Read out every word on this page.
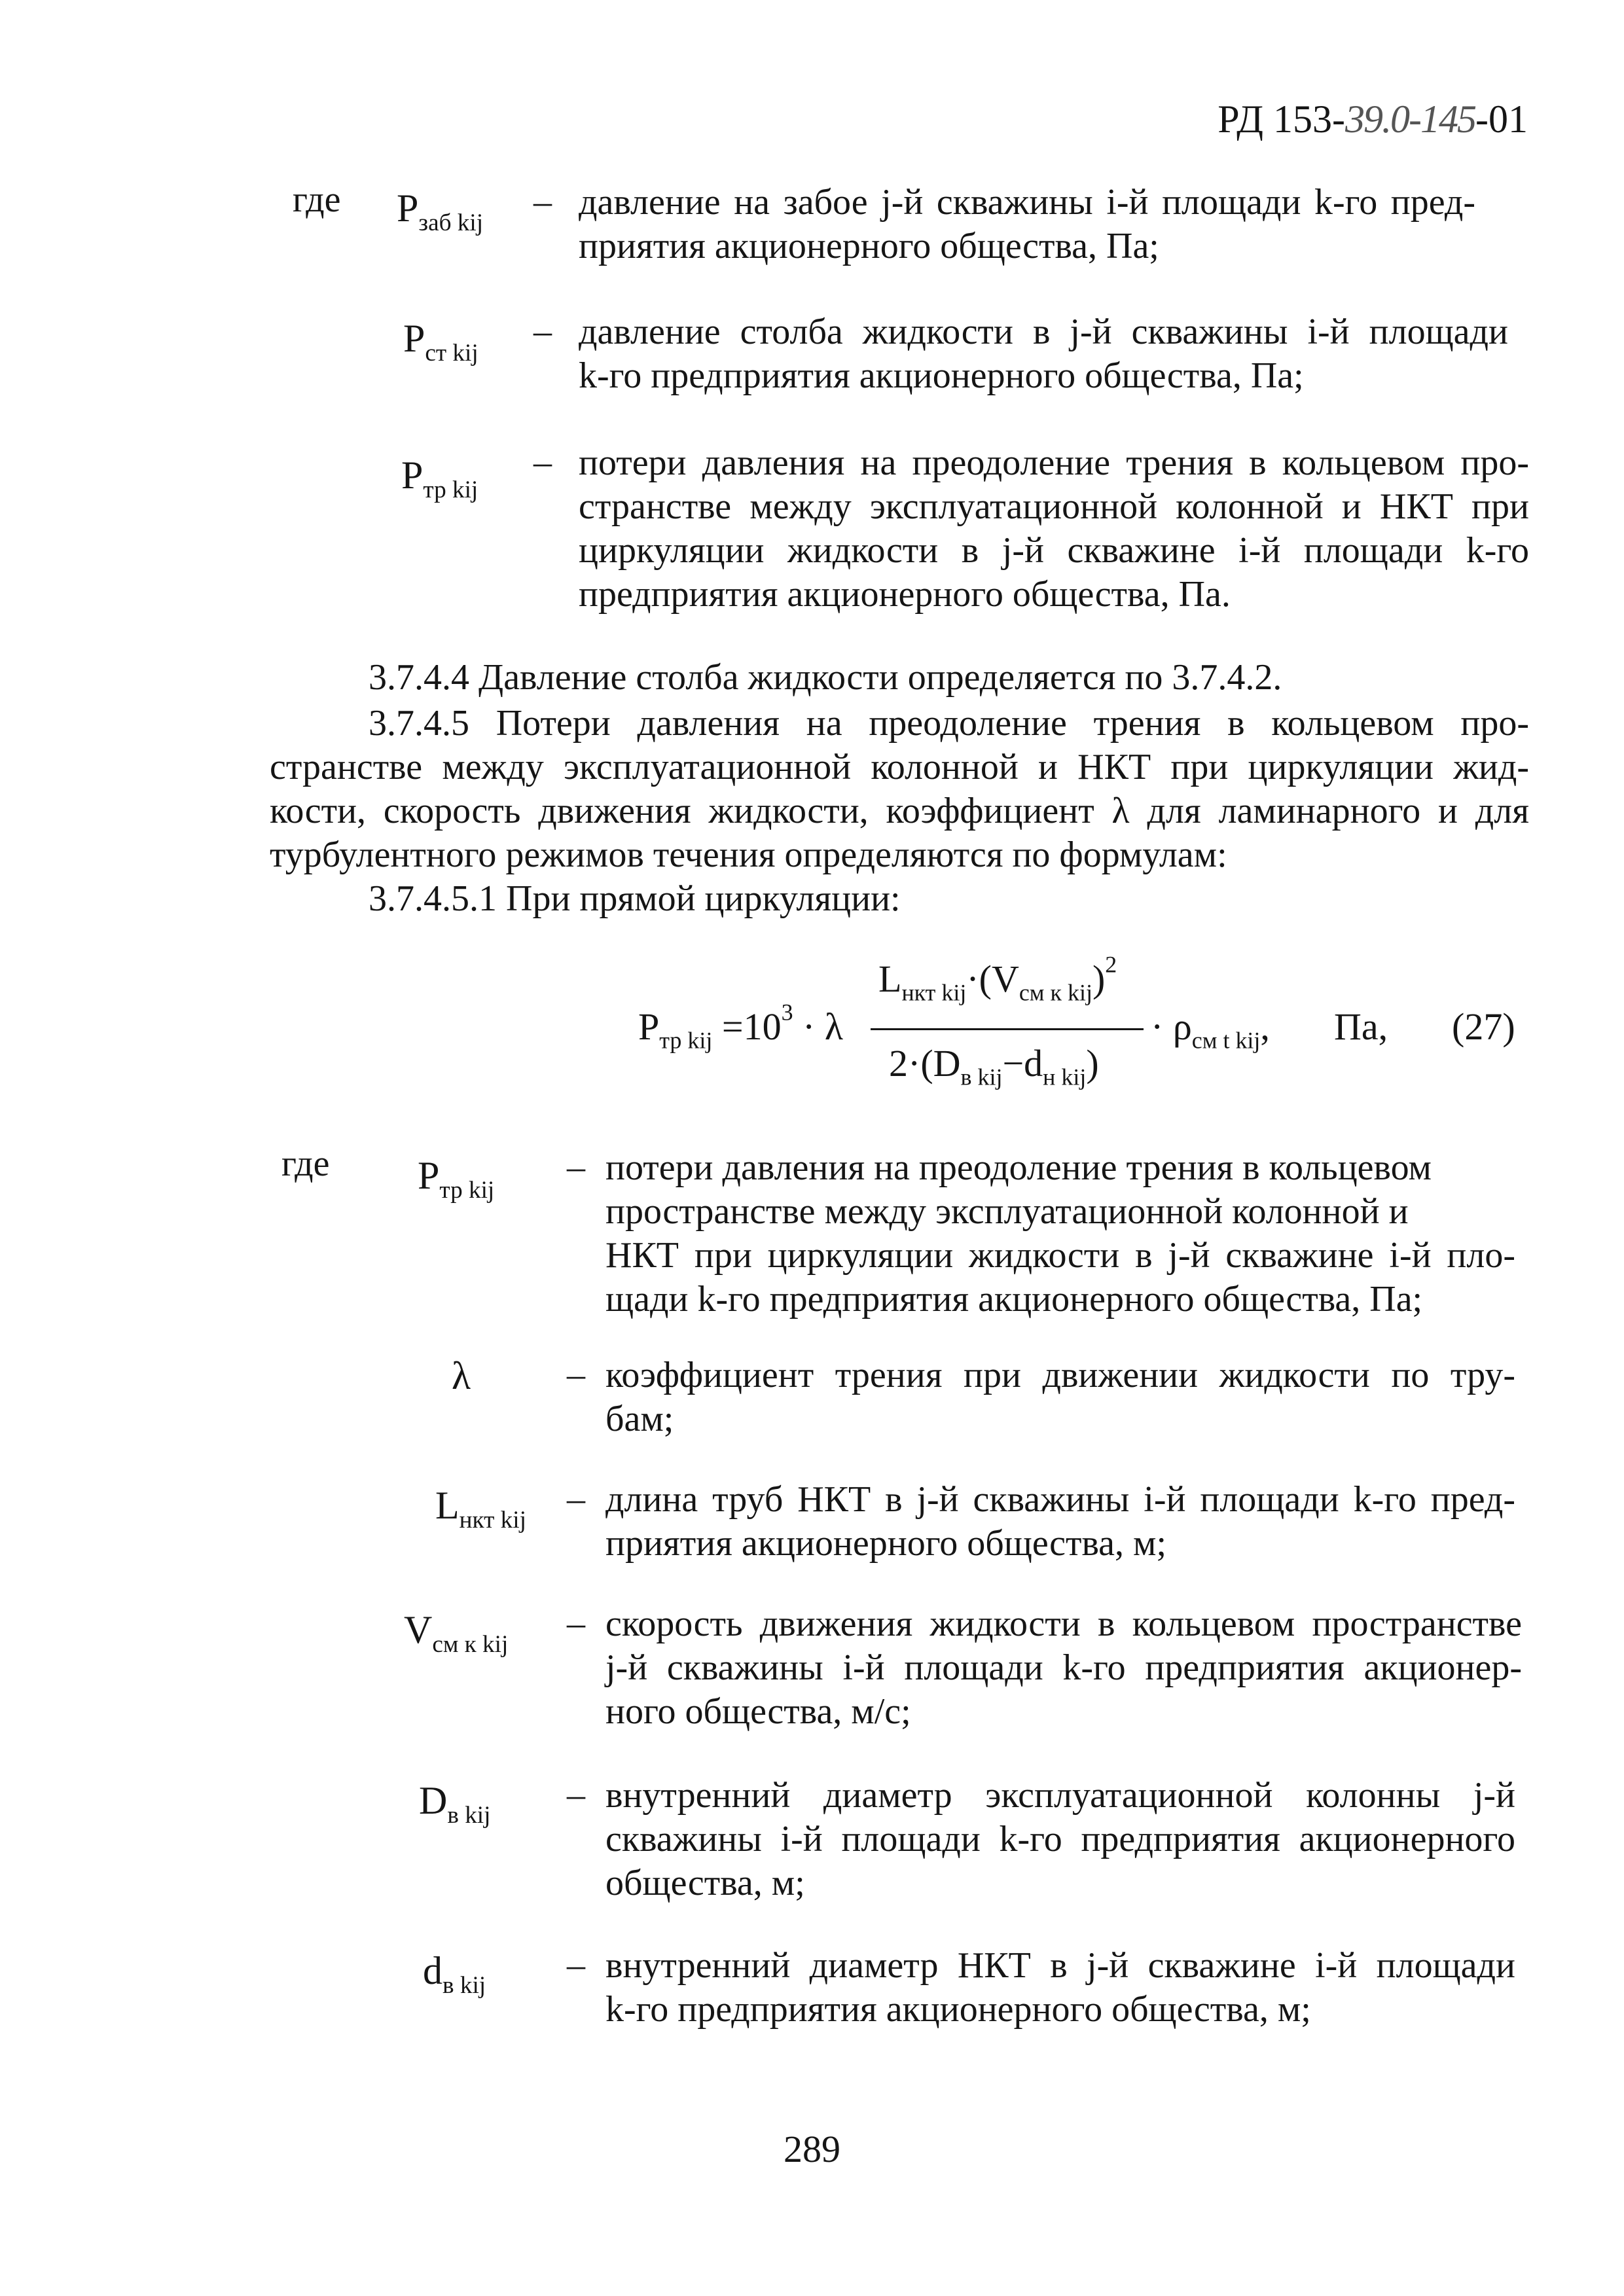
РД 153-39.0-145-01
где $Р_{заб kij}$
– давление на забое j-й скважины i-й площади k-го пред-
приятия акционерного общества, Па;
$Р_{ст kij}$
– давление столба жидкости в j-й скважины i-й площади
k-го предприятия акционерного общества, Па;
$Р_{тр kij}$
– потери давления на преодоление трения в кольцевом про-
странстве между эксплуатационной колонной и НКТ при
циркуляции жидкости в j-й скважине i-й площади k-го
предприятия акционерного общества, Па.
3.7.4.4 Давление столба жидкости определяется по 3.7.4.2.
3.7.4.5 Потери давления на преодоление трения в кольцевом про-
странстве между эксплуатационной колонной и НКТ при циркуляции жид-
кости, скорость движения жидкости, коэффициент λ для ламинарного и для
турбулентного режимов течения определяются по формулам:
3.7.4.5.1 При прямой циркуляции:
$P_{тр kij} =10^3 \cdot \lambda$
$L_{нкт kij}\cdot(V_{см к kij})^2$
$2\cdot(D_{в kij}-d_{н kij})$
· $\rho_{см t kij}$, Па, (27)
где $Р_{тр kij}$
– потери давления на преодоление трения в кольцевом
пространстве между эксплуатационной колонной и
НКТ при циркуляции жидкости в j-й скважине i-й пло-
щади k-го предприятия акционерного общества, Па;
λ	– коэффициент трения при движении жидкости по тру-
бам;
$L_{нкт kij}$
– длина труб НКТ в j-й скважины i-й площади k-го пред-
приятия акционерного общества, м;
$V_{см к kij}$
– скорость движения жидкости в кольцевом пространстве
j-й скважины i-й площади k-го предприятия акционер-
ного общества, м/с;
$D_{в kij}$
– внутренний диаметр эксплуатационной колонны j-й
скважины i-й площади k-го предприятия акционерного
общества, м;
$d_{в kij}$
– внутренний диаметр НКТ в j-й скважине i-й площади
k-го предприятия акционерного общества, м;
289
